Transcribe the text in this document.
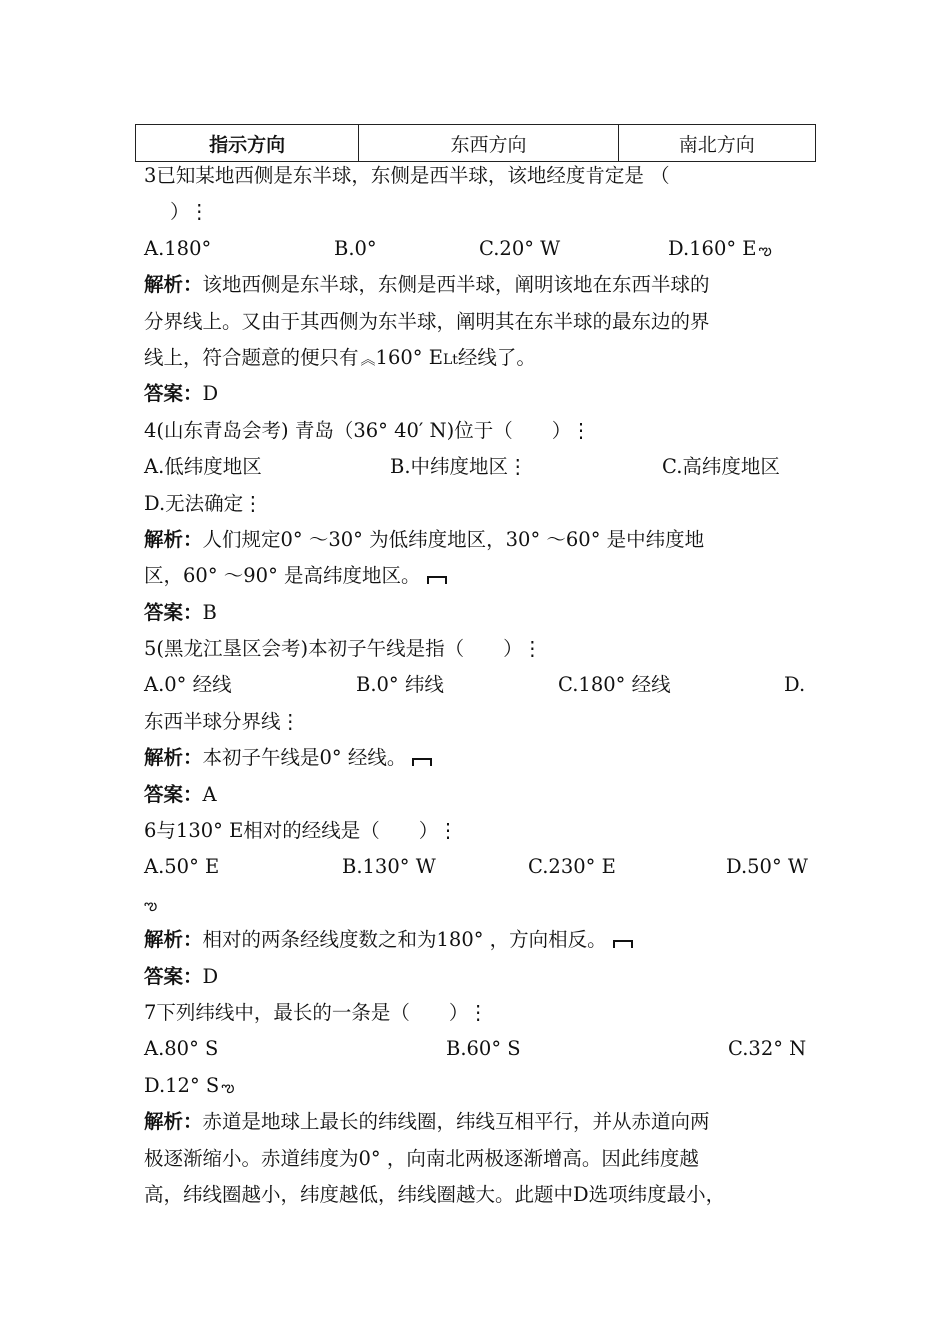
指示方向	东西方向	南北方向
3已知某地西侧是东半球，东侧是西半球，该地经度肯定是 （
）⋮
A.180°	B.0°	C.20° W	D.160° E ఌ
解析：该地西侧是东半球，东侧是西半球，阐明该地在东西半球的
分界线上。又由于其西侧为东半球，阐明其在东半球的最东边的界
线上，符合题意的便只有 ︽160° ELt经线了。
答案：D
4(山东青岛会考) 青岛（36° 40′ N)位于（　　）⋮
A.低纬度地区	B.中纬度地区⋮	C.高纬度地区
D.无法确定⋮
解析：人们规定0° ～30° 为低纬度地区，30° ～60° 是中纬度地
区，60° ～90° 是高纬度地区。
答案：B
5(黑龙江垦区会考)本初子午线是指（　　）⋮
A.0° 经线	B.0° 纬线	C.180° 经线	D.
东西半球分界线⋮
解析：本初子午线是0° 经线。
答案：A
6与130° E相对的经线是（　　）⋮
A.50° E	B.130° W	C.230° E	D.50° W
ఌ
解析：相对的两条经线度数之和为180° ，方向相反。
答案：D
7下列纬线中，最长的一条是（　　）⋮
A.80° S	B.60° S	C.32° N
D.12° S ఌ
解析：赤道是地球上最长的纬线圈，纬线互相平行，并从赤道向两
极逐渐缩小。赤道纬度为0° ，向南北两极逐渐增高。因此纬度越
高，纬线圈越小，纬度越低，纬线圈越大。此题中D选项纬度最小，
